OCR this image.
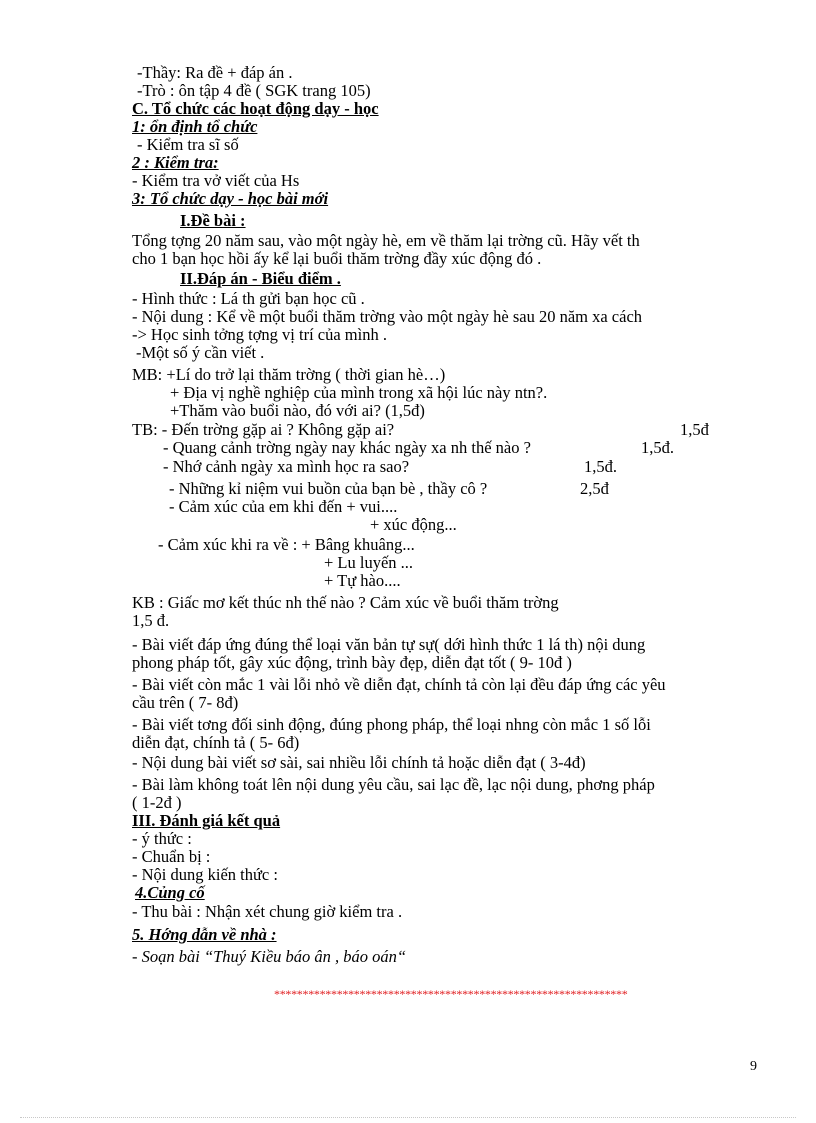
-Thầy: Ra đề + đáp án .
-Trò : ôn tập 4 đề ( SGK trang 105)
C. Tổ chức các hoạt động dạy - học
1: ổn định tổ chức
- Kiểm tra sĩ số
2 : Kiểm tra:
- Kiểm tra vở viết của Hs
3: Tổ chức dạy - học bài mới
I.Đề bài :
Tổng tợng 20 năm sau, vào một ngày hè, em về thăm lại trờng cũ. Hãy vết th
cho 1 bạn học hồi ấy kể lại buổi thăm trờng đầy xúc động đó .
II.Đáp án - Biểu điểm .
- Hình thức : Lá th gửi bạn học cũ .
- Nội dung : Kể về một buổi thăm trờng vào một ngày hè sau 20 năm xa cách
-> Học sinh tởng tợng vị trí của mình .
-Một số ý cần viết .
MB: +Lí do trở lại thăm trờng ( thời gian hè…)
+ Địa vị nghề nghiệp của mình trong xã hội lúc này ntn?.
+Thăm vào buổi nào, đó với ai? (1,5đ)
TB: - Đến trờng gặp ai ? Không gặp ai?	1,5đ
- Quang cảnh trờng ngày nay khác ngày xa nh thế nào ?	1,5đ.
- Nhớ cảnh ngày xa mình học ra sao?	1,5đ.
- Những kỉ niệm vui buồn của bạn bè , thầy cô ?	2,5đ
- Cảm xúc của em khi đến + vui....
+ xúc động...
- Cảm xúc khi ra về : + Bâng khuâng...
+ Lu luyến ...
+ Tự hào....
KB : Giấc mơ kết thúc nh thế nào ? Cảm xúc về buổi thăm trờng
1,5 đ.
- Bài viết đáp ứng đúng thể loại văn bản tự sự( dới hình thức 1 lá th) nội dung
phong pháp tốt, gây xúc động, trình bày đẹp, diễn đạt tốt ( 9- 10đ )
- Bài viết còn mắc 1 vài lỗi nhỏ về diễn đạt, chính tả còn lại đều đáp ứng các yêu
cầu trên ( 7- 8đ)
- Bài viết tơng đối sinh động, đúng phong pháp, thể loại nhng còn mắc 1 số lỗi
diễn đạt, chính tả ( 5- 6đ)
- Nội dung bài viết sơ sài, sai nhiều lỗi chính tả hoặc diễn đạt ( 3-4đ)
- Bài làm không toát lên nội dung yêu cầu, sai lạc đề, lạc nội dung, phơng pháp
( 1-2đ )
III. Đánh giá kết quả
- ý thức :
- Chuẩn bị :
- Nội dung kiến thức :
4.Củng cố
- Thu bài : Nhận xét chung giờ kiểm tra .
5. Hớng dẫn về nhà :
- Soạn bài “Thuý Kiều báo ân , báo oán“
**************************************************************
9
